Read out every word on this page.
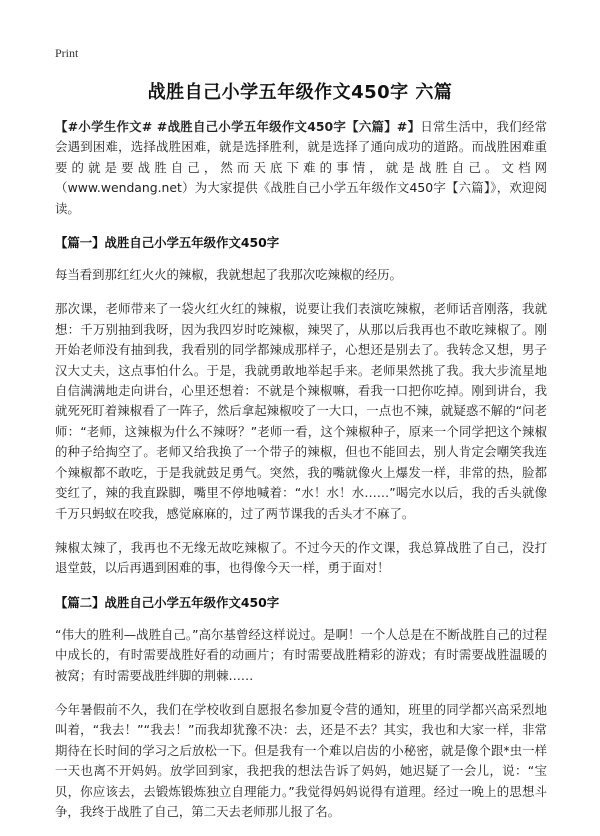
Print
战胜自己小学五年级作文450字 六篇

【#小学生作文# #战胜自己小学五年级作文450字【六篇】#】日常生活中，我们经常会遇到困难，选择战胜困难，就是选择胜利，就是选择了通向成功的道路。而战胜困难重要的就是要战胜自己，然而天底下难的事情，就是战胜自己。文档网（www.wendang.net）为大家提供《战胜自己小学五年级作文450字【六篇】》，欢迎阅读。

【篇一】战胜自己小学五年级作文450字

每当看到那红红火火的辣椒，我就想起了我那次吃辣椒的经历。

那次课，老师带来了一袋火红火红的辣椒，说要让我们表演吃辣椒，老师话音刚落，我就想：千万别抽到我呀，因为我四岁时吃辣椒，辣哭了，从那以后我再也不敢吃辣椒了。刚开始老师没有抽到我，我看别的同学都辣成那样子，心想还是别去了。我转念又想，男子汉大丈夫，这点事怕什么。于是，我就勇敢地举起手来。老师果然挑了我。我大步流星地自信满满地走向讲台，心里还想着：不就是个辣椒嘛，看我一口把你吃掉。刚到讲台，我就死死盯着辣椒看了一阵子，然后拿起辣椒咬了一大口，一点也不辣，就疑惑不解的“问老师：“老师，这辣椒为什么不辣呀？”老师一看，这个辣椒种子，原来一个同学把这个辣椒的种子给掏空了。老师又给我换了一个带子的辣椒，但也不能回去，别人肯定会嘲笑我连个辣椒都不敢吃，于是我就鼓足勇气。突然，我的嘴就像火上爆发一样，非常的热，脸都变红了，辣的我直跺脚，嘴里不停地喊着：“水！水！水……”喝完水以后，我的舌头就像千万只蚂蚁在咬我，感觉麻麻的，过了两节课我的舌头才不麻了。

辣椒太辣了，我再也不无缘无故吃辣椒了。不过今天的作文课，我总算战胜了自己，没打退堂鼓，以后再遇到困难的事，也得像今天一样，勇于面对！

【篇二】战胜自己小学五年级作文450字

“伟大的胜利—战胜自己。”高尔基曾经这样说过。是啊！一个人总是在不断战胜自己的过程中成长的，有时需要战胜好看的动画片；有时需要战胜精彩的游戏；有时需要战胜温暖的被窝；有时需要战胜绊脚的荆棘……

今年暑假前不久，我们在学校收到自愿报名参加夏令营的通知，班里的同学都兴高采烈地叫着，“我去！”“我去！”而我却犹豫不决：去，还是不去？其实，我也和大家一样，非常期待在长时间的学习之后放松一下。但是我有一个难以启齿的小秘密，就是像个跟*虫一样一天也离不开妈妈。放学回到家，我把我的想法告诉了妈妈，她迟疑了一会儿，说：“宝贝，你应该去，去锻炼锻炼独立自理能力。”我觉得妈妈说得有道理。经过一晚上的思想斗争，我终于战胜了自己，第二天去老师那儿报了名。
